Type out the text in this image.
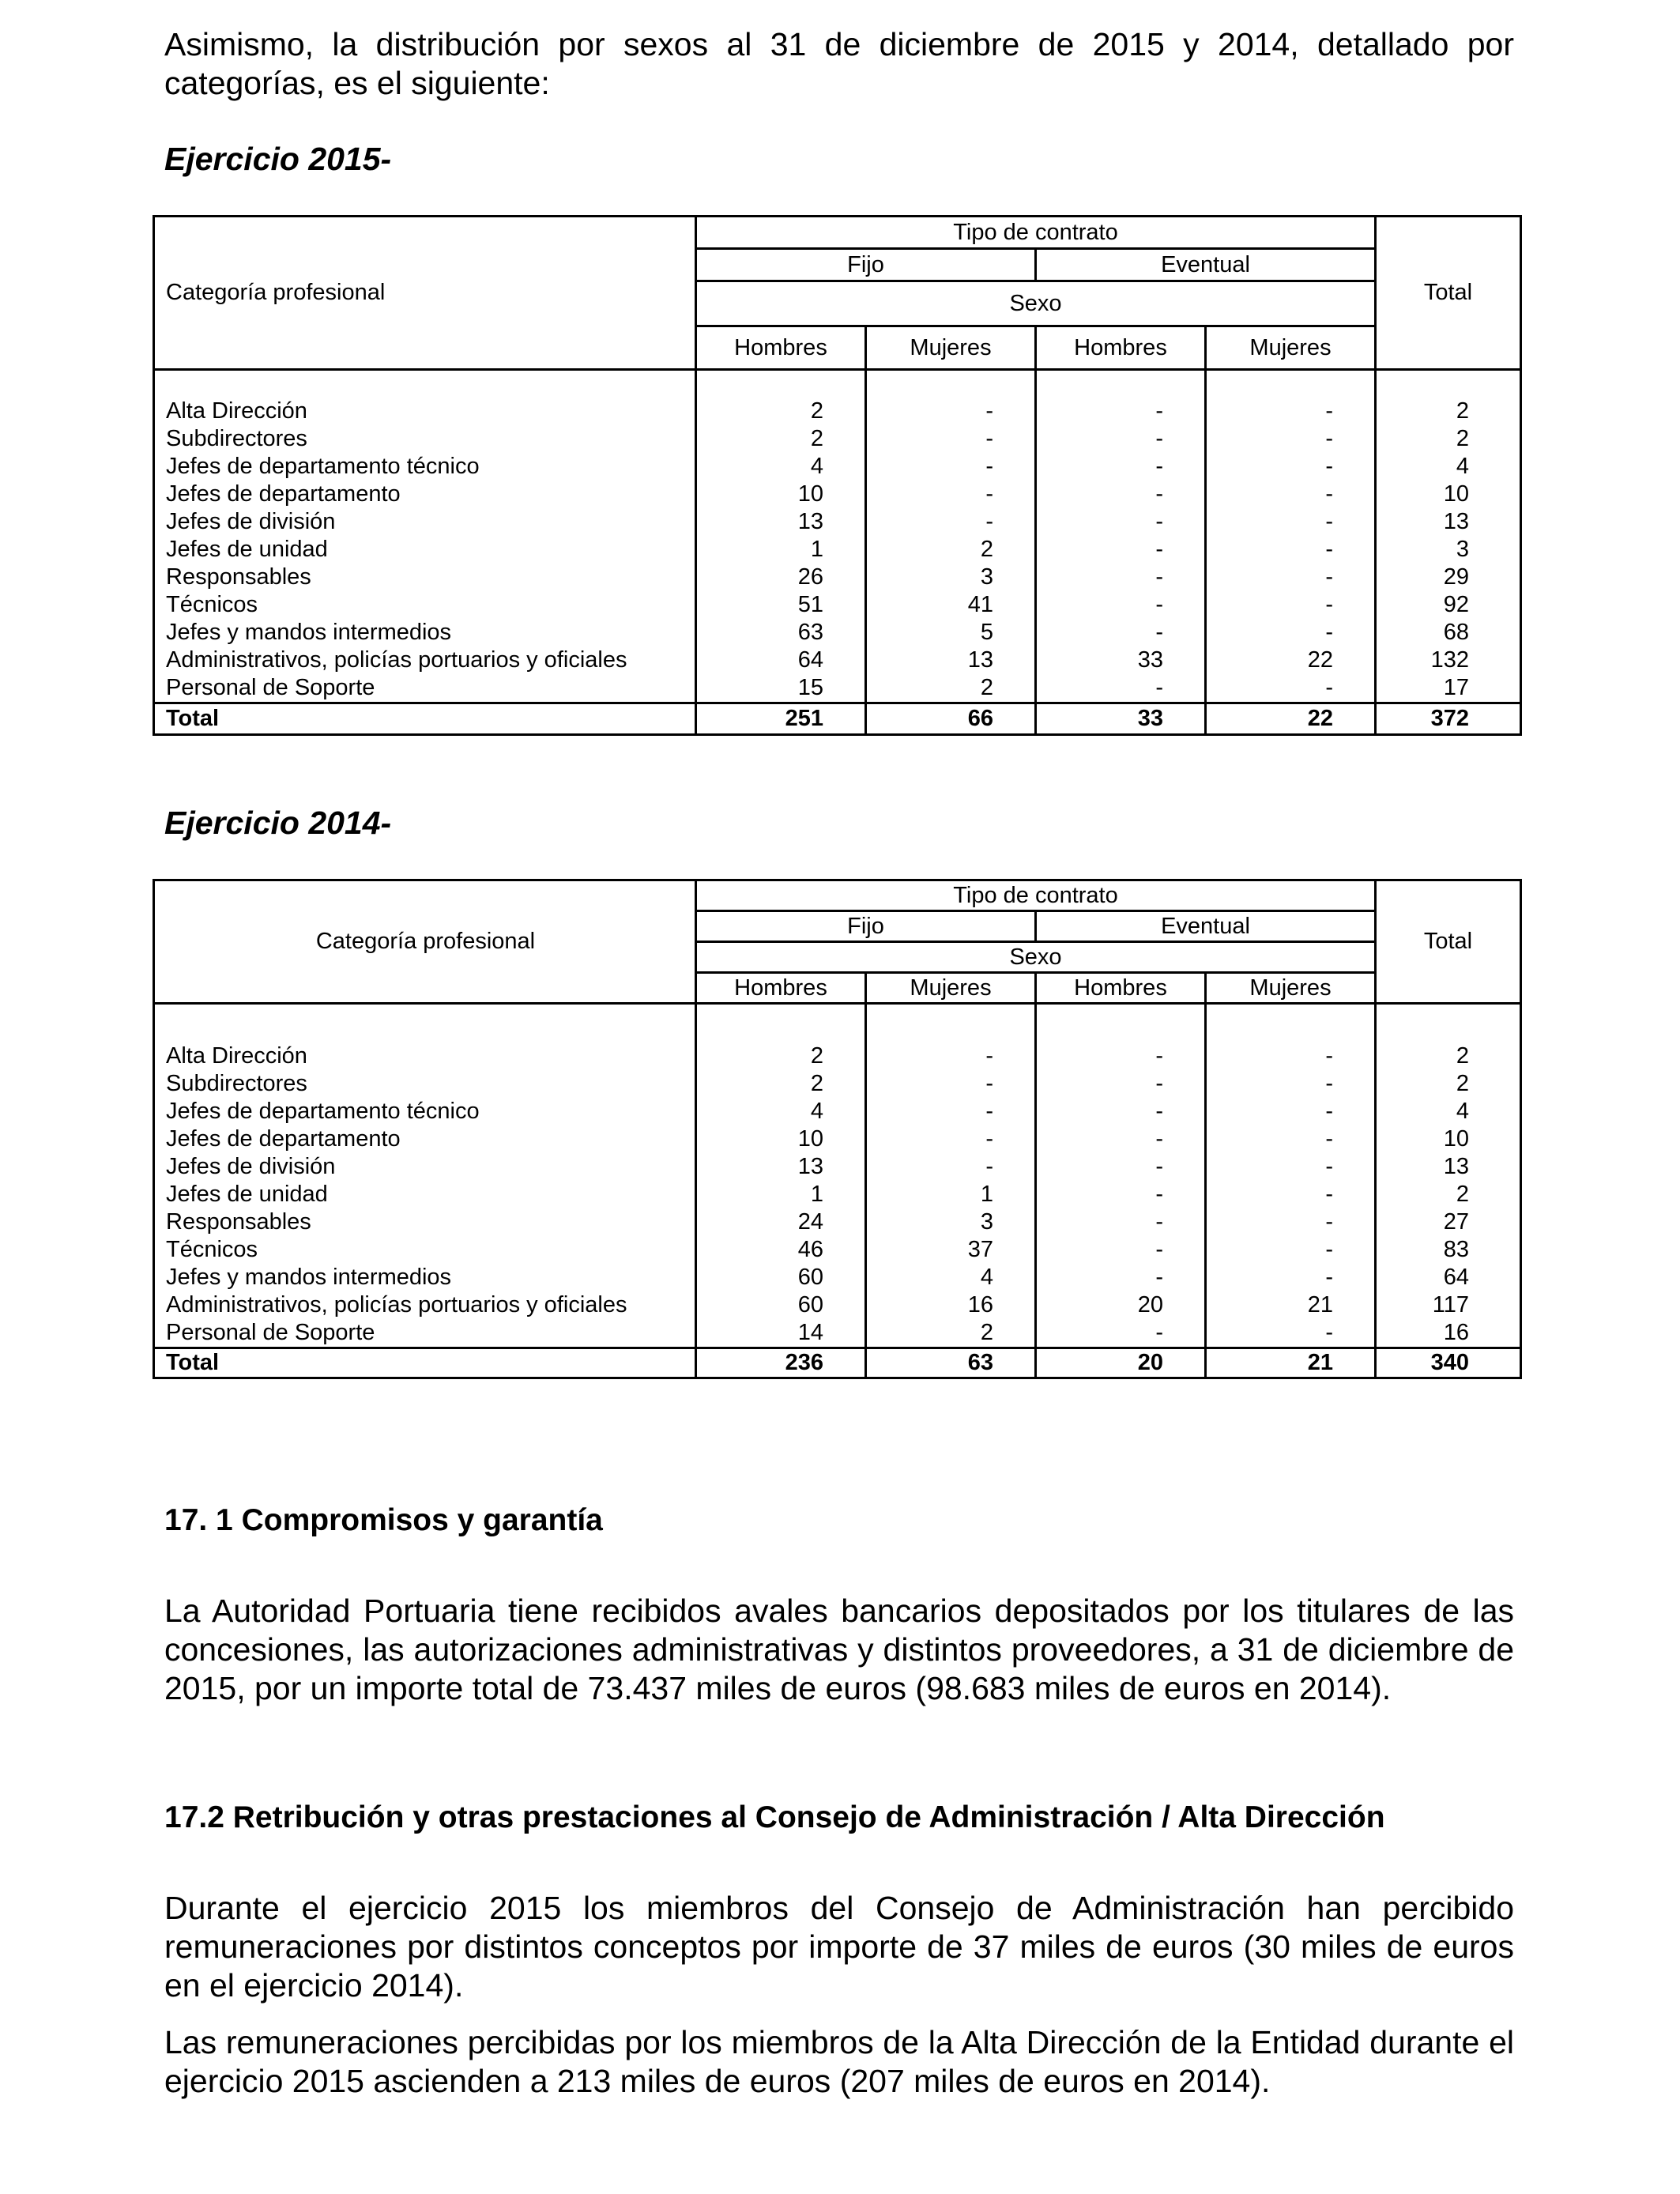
Asimismo, la distribución por sexos al 31 de diciembre de 2015 y 2014, detallado por categorías, es el siguiente:

Ejercicio 2015-

Categoría profesional	Tipo de contrato				Total
	Fijo		Eventual		
	Sexo				
	Hombres	Mujeres	Hombres	Mujeres	

Alta Dirección	2	-	-	-	2
Subdirectores	2	-	-	-	2
Jefes de departamento técnico	4	-	-	-	4
Jefes de departamento	10	-	-	-	10
Jefes de división	13	-	-	-	13
Jefes de unidad	1	2	-	-	3
Responsables	26	3	-	-	29
Técnicos	51	41	-	-	92
Jefes y mandos intermedios	63	5	-	-	68
Administrativos, policías portuarios y oficiales	64	13	33	22	132
Personal de Soporte	15	2	-	-	17
Total	251	66	33	22	372

Ejercicio 2014-

Categoría profesional	Tipo de contrato				Total
	Fijo		Eventual		
	Sexo				
	Hombres	Mujeres	Hombres	Mujeres	

Alta Dirección	2	-	-	-	2
Subdirectores	2	-	-	-	2
Jefes de departamento técnico	4	-	-	-	4
Jefes de departamento	10	-	-	-	10
Jefes de división	13	-	-	-	13
Jefes de unidad	1	1	-	-	2
Responsables	24	3	-	-	27
Técnicos	46	37	-	-	83
Jefes y mandos intermedios	60	4	-	-	64
Administrativos, policías portuarios y oficiales	60	16	20	21	117
Personal de Soporte	14	2	-	-	16
Total	236	63	20	21	340

17. 1 Compromisos y garantía

La Autoridad Portuaria tiene recibidos avales bancarios depositados por los titulares de las concesiones, las autorizaciones administrativas y distintos proveedores, a 31 de diciembre de 2015, por un importe total de 73.437 miles de euros (98.683 miles de euros en 2014).

17.2 Retribución y otras prestaciones al Consejo de Administración / Alta Dirección

Durante el ejercicio 2015 los miembros del Consejo de Administración han percibido remuneraciones por distintos conceptos por importe de 37 miles de euros (30 miles de euros en el ejercicio 2014).

Las remuneraciones percibidas por los miembros de la Alta Dirección de la Entidad durante el ejercicio 2015 ascienden a 213 miles de euros (207 miles de euros en 2014).
